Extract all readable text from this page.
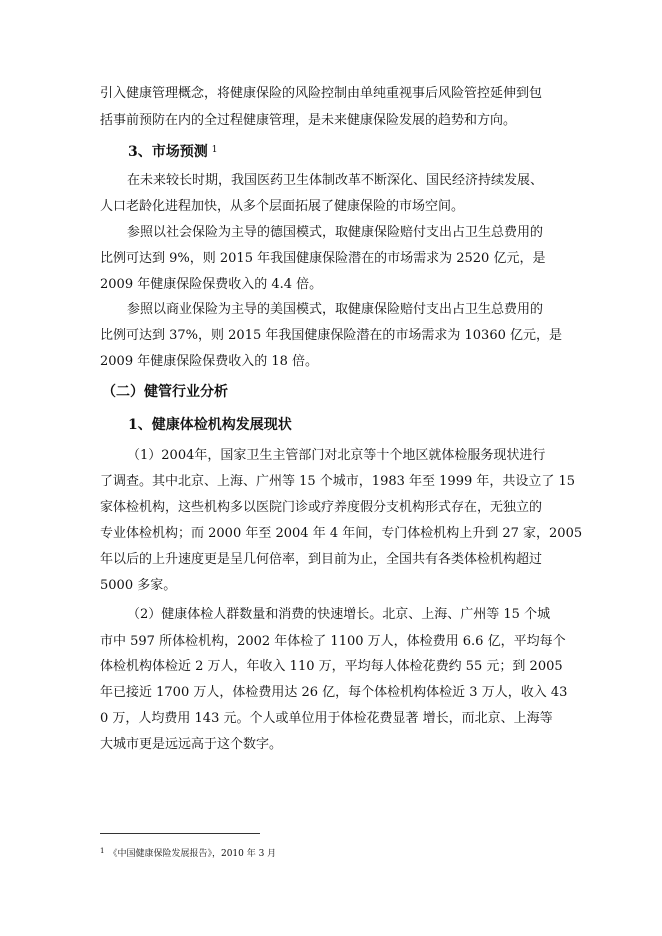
引入健康管理概念，将健康保险的风险控制由单纯重视事后风险管控延伸到包
括事前预防在内的全过程健康管理，是未来健康保险发展的趋势和方向。
3、市场预测 $^1$
在未来较长时期，我国医药卫生体制改革不断深化、国民经济持续发展、
人口老龄化进程加快，从多个层面拓展了健康保险的市场空间。
参照以社会保险为主导的德国模式，取健康保险赔付支出占卫生总费用的
比例可达到 9%，则 2015 年我国健康保险潜在的市场需求为 2520 亿元，是
2009 年健康保险保费收入的 4.4 倍。
参照以商业保险为主导的美国模式，取健康保险赔付支出占卫生总费用的
比例可达到 37%，则 2015 年我国健康保险潜在的市场需求为 10360 亿元，是
2009 年健康保险保费收入的 18 倍。
（二）健管行业分析
1、健康体检机构发展现状
（1）2004年，国家卫生主管部门对北京等十个地区就体检服务现状进行
了调查。其中北京、上海、广州等 15 个城市，1983 年至 1999 年，共设立了 15
家体检机构，这些机构多以医院门诊或疗养度假分支机构形式存在，无独立的
专业体检机构；而 2000 年至 2004 年 4 年间，专门体检机构上升到 27 家，2005
年以后的上升速度更是呈几何倍率，到目前为止，全国共有各类体检机构超过
5000 多家。
（2）健康体检人群数量和消费的快速增长。北京、上海、广州等 15 个城
市中 597 所体检机构，2002 年体检了 1100 万人，体检费用 6.6 亿，平均每个
体检机构体检近 2 万人，年收入 110 万，平均每人体检花费约 55 元；到 2005
年已接近 1700 万人，体检费用达 26 亿，每个体检机构体检近 3 万人，收入 43
0 万，人均费用 143 元。个人或单位用于体检花费显著 增长，而北京、上海等
大城市更是远远高于这个数字。
$^1$ 《中国健康保险发展报告》，2010 年 3 月
